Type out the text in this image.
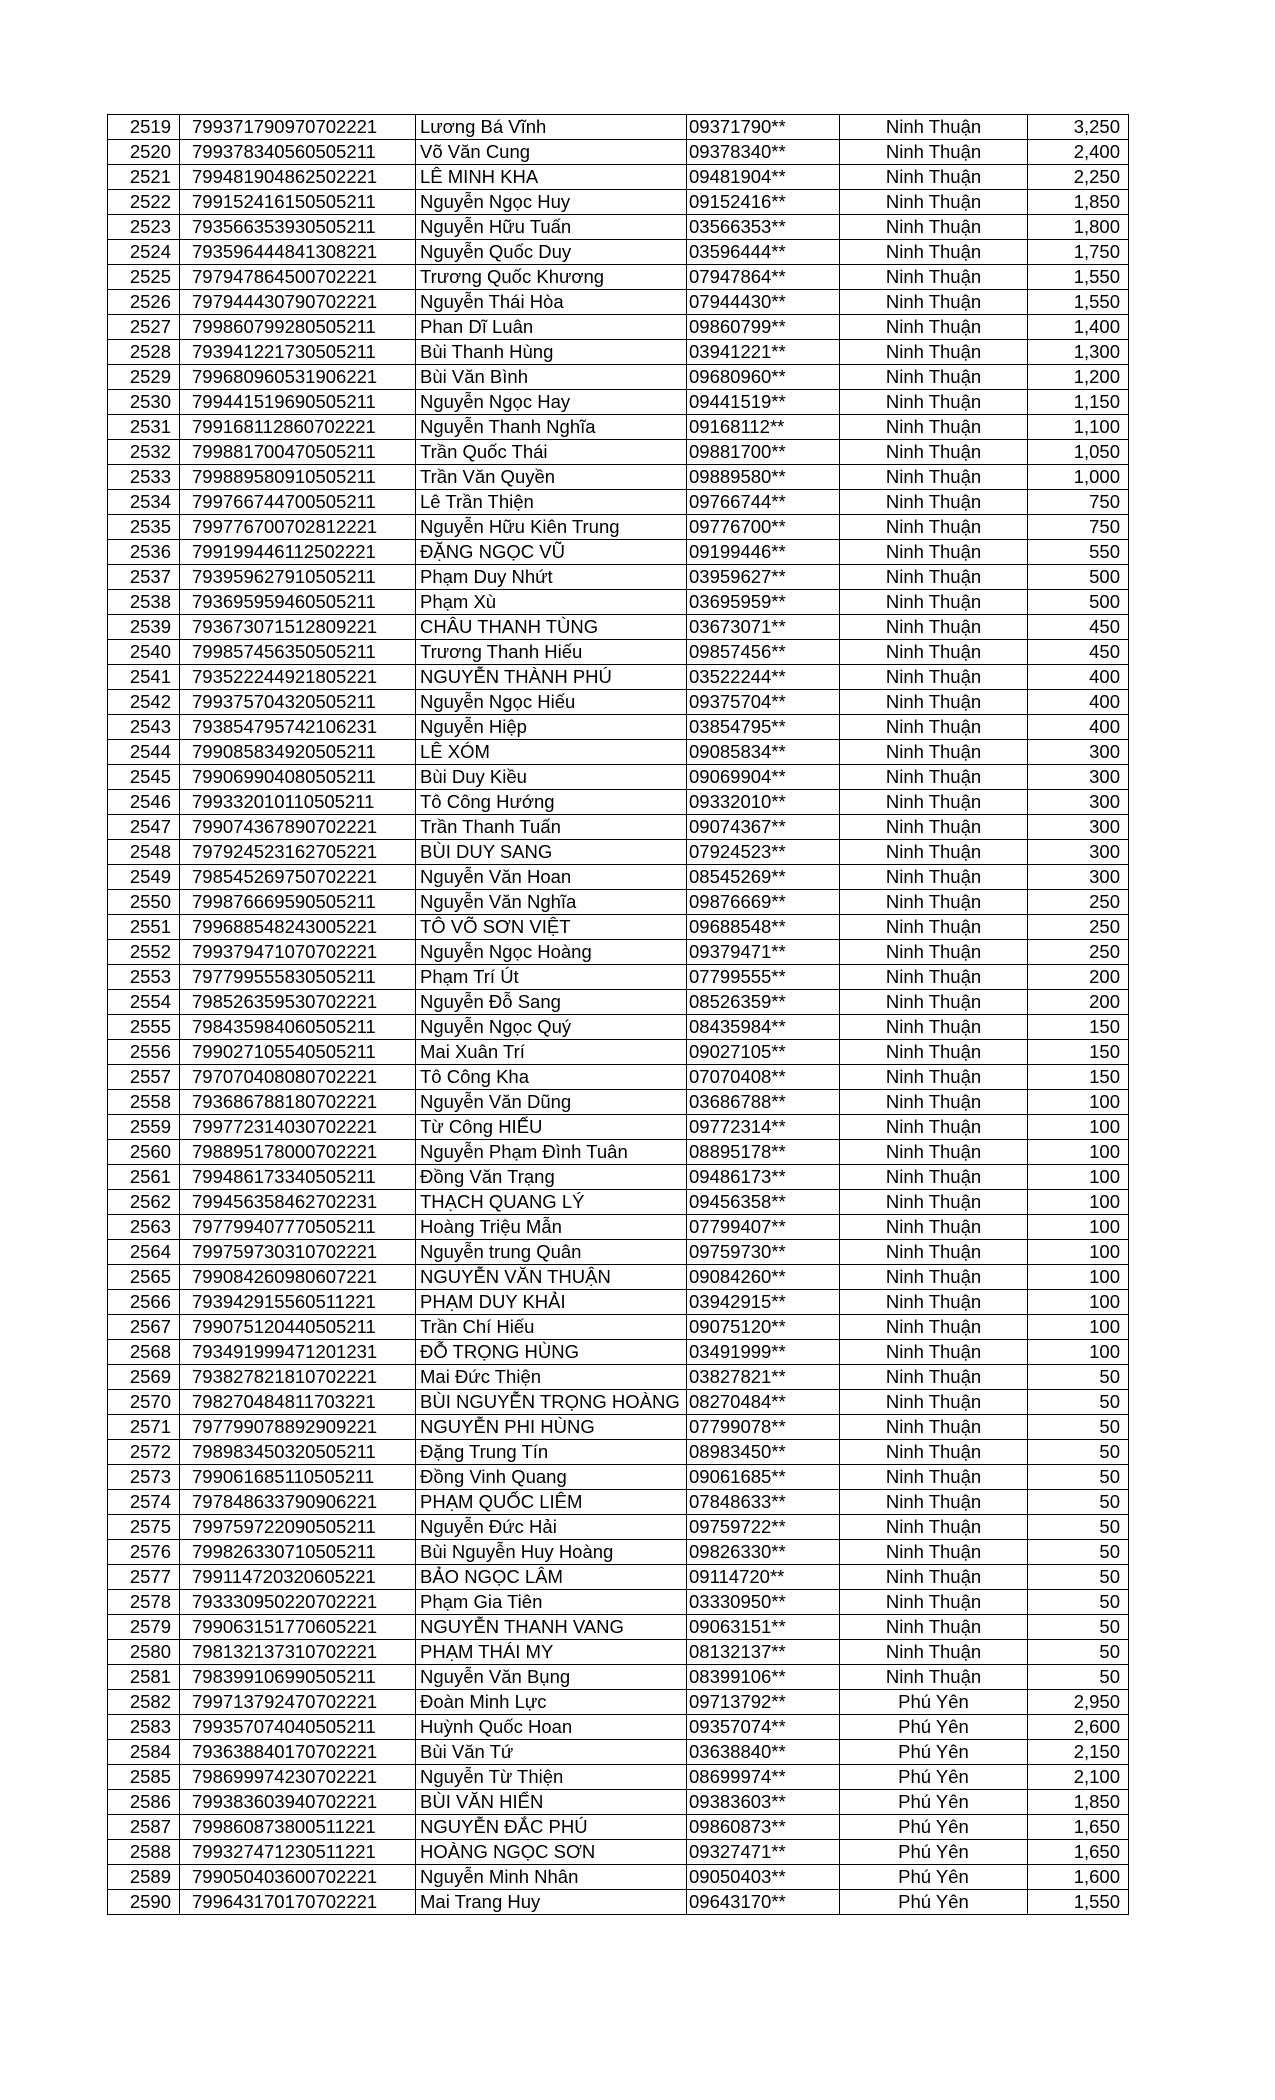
2519	799371790970702221	Lương Bá Vĩnh	09371790**	Ninh Thuận	3,250
2520	799378340560505211	Võ Văn Cung	09378340**	Ninh Thuận	2,400
2521	799481904862502221	LÊ MINH KHA	09481904**	Ninh Thuận	2,250
2522	799152416150505211	Nguyễn Ngọc Huy	09152416**	Ninh Thuận	1,850
2523	793566353930505211	Nguyễn Hữu Tuấn	03566353**	Ninh Thuận	1,800
2524	793596444841308221	Nguyễn Quốc Duy	03596444**	Ninh Thuận	1,750
2525	797947864500702221	Trương Quốc Khương	07947864**	Ninh Thuận	1,550
2526	797944430790702221	Nguyễn Thái Hòa	07944430**	Ninh Thuận	1,550
2527	799860799280505211	Phan Dĩ Luân	09860799**	Ninh Thuận	1,400
2528	793941221730505211	Bùi Thanh Hùng	03941221**	Ninh Thuận	1,300
2529	799680960531906221	Bùi Văn Bình	09680960**	Ninh Thuận	1,200
2530	799441519690505211	Nguyễn Ngọc Hay	09441519**	Ninh Thuận	1,150
2531	799168112860702221	Nguyễn Thanh Nghĩa	09168112**	Ninh Thuận	1,100
2532	799881700470505211	Trần Quốc Thái	09881700**	Ninh Thuận	1,050
2533	799889580910505211	Trần Văn Quyền	09889580**	Ninh Thuận	1,000
2534	799766744700505211	Lê Trần Thiện	09766744**	Ninh Thuận	750
2535	799776700702812221	Nguyễn Hữu Kiên Trung	09776700**	Ninh Thuận	750
2536	799199446112502221	ĐẶNG NGỌC VŨ	09199446**	Ninh Thuận	550
2537	793959627910505211	Phạm Duy Nhứt	03959627**	Ninh Thuận	500
2538	793695959460505211	Phạm Xù	03695959**	Ninh Thuận	500
2539	793673071512809221	CHÂU THANH TÙNG	03673071**	Ninh Thuận	450
2540	799857456350505211	Trương Thanh Hiếu	09857456**	Ninh Thuận	450
2541	793522244921805221	NGUYỄN THÀNH PHÚ	03522244**	Ninh Thuận	400
2542	799375704320505211	Nguyễn Ngọc Hiếu	09375704**	Ninh Thuận	400
2543	793854795742106231	Nguyễn Hiệp	03854795**	Ninh Thuận	400
2544	799085834920505211	LÊ XÓM	09085834**	Ninh Thuận	300
2545	799069904080505211	Bùi Duy Kiều	09069904**	Ninh Thuận	300
2546	799332010110505211	Tô Công Hướng	09332010**	Ninh Thuận	300
2547	799074367890702221	Trần Thanh Tuấn	09074367**	Ninh Thuận	300
2548	797924523162705221	BÙI DUY SANG	07924523**	Ninh Thuận	300
2549	798545269750702221	Nguyễn Văn Hoan	08545269**	Ninh Thuận	300
2550	799876669590505211	Nguyễn Văn Nghĩa	09876669**	Ninh Thuận	250
2551	799688548243005221	TÔ VÕ SƠN VIỆT	09688548**	Ninh Thuận	250
2552	799379471070702221	Nguyễn Ngọc Hoàng	09379471**	Ninh Thuận	250
2553	797799555830505211	Phạm Trí Út	07799555**	Ninh Thuận	200
2554	798526359530702221	Nguyễn Đỗ Sang	08526359**	Ninh Thuận	200
2555	798435984060505211	Nguyễn Ngọc Quý	08435984**	Ninh Thuận	150
2556	799027105540505211	Mai Xuân Trí	09027105**	Ninh Thuận	150
2557	797070408080702221	Tô Công Kha	07070408**	Ninh Thuận	150
2558	793686788180702221	Nguyễn Văn Dũng	03686788**	Ninh Thuận	100
2559	799772314030702221	Từ Công HIẾU	09772314**	Ninh Thuận	100
2560	798895178000702221	Nguyễn Phạm Đình Tuân	08895178**	Ninh Thuận	100
2561	799486173340505211	Đồng Văn Trạng	09486173**	Ninh Thuận	100
2562	799456358462702231	THẠCH QUANG LÝ	09456358**	Ninh Thuận	100
2563	797799407770505211	Hoàng Triệu Mẫn	07799407**	Ninh Thuận	100
2564	799759730310702221	Nguyễn trung Quân	09759730**	Ninh Thuận	100
2565	799084260980607221	NGUYỄN VĂN THUẬN	09084260**	Ninh Thuận	100
2566	793942915560511221	PHẠM DUY KHẢI	03942915**	Ninh Thuận	100
2567	799075120440505211	Trần Chí Hiếu	09075120**	Ninh Thuận	100
2568	793491999471201231	ĐỖ TRỌNG HÙNG	03491999**	Ninh Thuận	100
2569	793827821810702221	Mai Đức Thiện	03827821**	Ninh Thuận	50
2570	798270484811703221	BÙI NGUYỄN TRỌNG HOÀNG	08270484**	Ninh Thuận	50
2571	797799078892909221	NGUYỄN PHI HÙNG	07799078**	Ninh Thuận	50
2572	798983450320505211	Đặng Trung Tín	08983450**	Ninh Thuận	50
2573	799061685110505211	Đồng Vinh Quang	09061685**	Ninh Thuận	50
2574	797848633790906221	PHẠM QUỐC LIÊM	07848633**	Ninh Thuận	50
2575	799759722090505211	Nguyễn Đức Hải	09759722**	Ninh Thuận	50
2576	799826330710505211	Bùi Nguyễn Huy Hoàng	09826330**	Ninh Thuận	50
2577	799114720320605221	BẢO NGỌC LÂM	09114720**	Ninh Thuận	50
2578	793330950220702221	Phạm Gia Tiên	03330950**	Ninh Thuận	50
2579	799063151770605221	NGUYỄN THANH VANG	09063151**	Ninh Thuận	50
2580	798132137310702221	PHẠM THÁI MY	08132137**	Ninh Thuận	50
2581	798399106990505211	Nguyễn Văn Bụng	08399106**	Ninh Thuận	50
2582	799713792470702221	Đoàn Minh Lực	09713792**	Phú Yên	2,950
2583	799357074040505211	Huỳnh Quốc Hoan	09357074**	Phú Yên	2,600
2584	793638840170702221	Bùi Văn Tứ	03638840**	Phú Yên	2,150
2585	798699974230702221	Nguyễn Từ Thiện	08699974**	Phú Yên	2,100
2586	799383603940702221	BÙI VĂN HIỂN	09383603**	Phú Yên	1,850
2587	799860873800511221	NGUYỄN ĐẮC PHÚ	09860873**	Phú Yên	1,650
2588	799327471230511221	HOÀNG NGỌC SƠN	09327471**	Phú Yên	1,650
2589	799050403600702221	Nguyễn Minh Nhân	09050403**	Phú Yên	1,600
2590	799643170170702221	Mai Trang Huy	09643170**	Phú Yên	1,550
